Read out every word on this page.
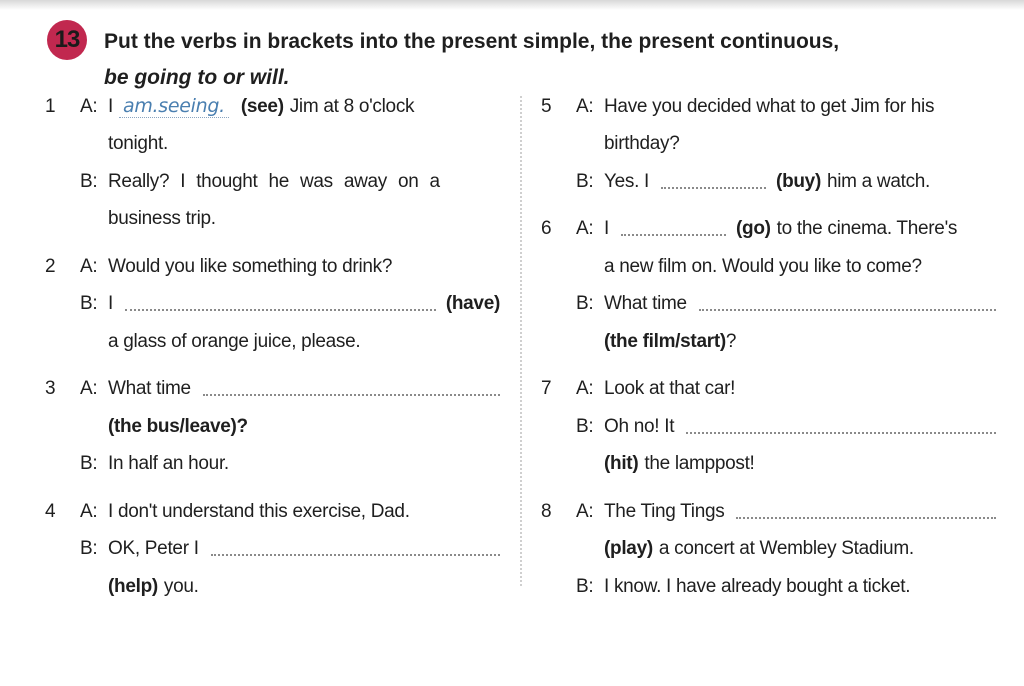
13	Put the verbs in brackets into the present simple, the present continuous,
be going to or will.
1 A: I am.seeing. (see) Jim at 8 o'clock
tonight.
B: Really? I thought he was away on a
business trip.
2 A: Would you like something to drink?
B: I	(have)
a glass of orange juice, please.
3 A: What time
(the bus/leave)?
B: In half an hour.
4 A: I don't understand this exercise, Dad.
B: OK, Peter I
(help) you.
5 A: Have you decided what to get Jim for his
birthday?
B: Yes. I	(buy) him a watch.
6 A: I	(go) to the cinema. There's
a new film on. Would you like to come?
B: What time
(the film/start) ?
7 A: Look at that car!
B: Oh no! It
(hit) the lamppost!
8 A: The Ting Tings
(play) a concert at Wembley Stadium.
B: I know. I have already bought a ticket.
